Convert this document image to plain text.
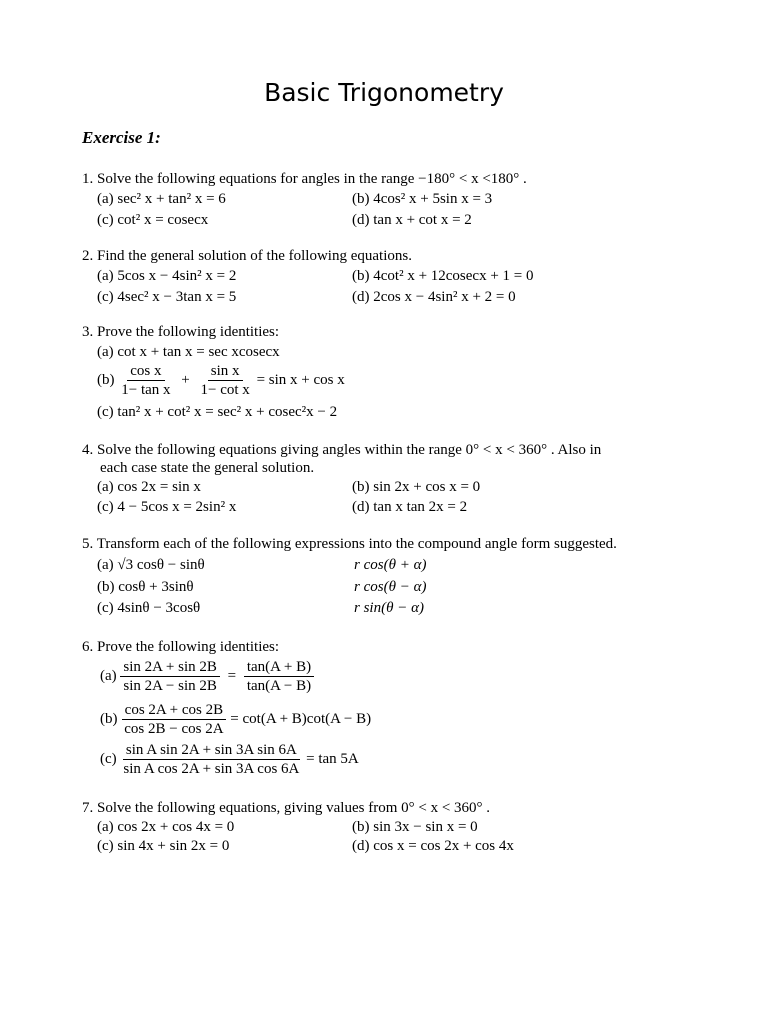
Basic Trigonometry
Exercise 1:
1. Solve the following equations for angles in the range −180° < x <180° .
(a) sec² x + tan² x = 6	(b) 4cos² x + 5sin x = 3
(c) cot² x = cosecx	(d) tan x + cot x = 2
2. Find the general solution of the following equations.
(a) 5cos x − 4sin² x = 2	(b) 4cot² x + 12cosecx + 1 = 0
(c) 4sec² x − 3tan x = 5	(d) 2cos x − 4sin² x + 2 = 0
3. Prove the following identities:
(a) cot x + tan x = sec xcosecx
$(b) \frac{\text{cos x}}{\text{1− tan x}} + \frac{\text{sin x}}{\text{1− cot x}} = \sin x + \cos x$
(c) tan² x + cot² x = sec² x + cosec²x − 2
4. Solve the following equations giving angles within the range 0° < x < 360° . Also in
each case state the general solution.
(a) cos 2x = sin x	(b) sin 2x + cos x = 0
(c) 4 − 5cos x = 2sin² x	(d) tan x tan 2x = 2
5. Transform each of the following expressions into the compound angle form suggested.
(a) √3 cosθ − sinθ	r cos(θ + α)
(b) cosθ + 3sinθ	r cos(θ − α)
(c) 4sinθ − 3cosθ	r sin(θ − α)
6. Prove the following identities:
$(a) \frac{\sin 2A + \sin 2B}{\sin 2A - \sin 2B} = \frac{\tan(A + B)}{\tan(A - B)}$
$(b) \frac{\cos 2A + \cos 2B}{\cos 2B - \cos 2A} = \cot(A + B)\cot(A - B)$
$(c) \frac{\text{sin A sin 2A + sin 3A sin 6A}}{\text{sin A cos 2A + sin 3A cos 6A}} = \tan 5A$
7. Solve the following equations, giving values from 0° < x < 360° .
(a) cos 2x + cos 4x = 0	(b) sin 3x − sin x = 0
(c) sin 4x + sin 2x = 0	(d) cos x = cos 2x + cos 4x
